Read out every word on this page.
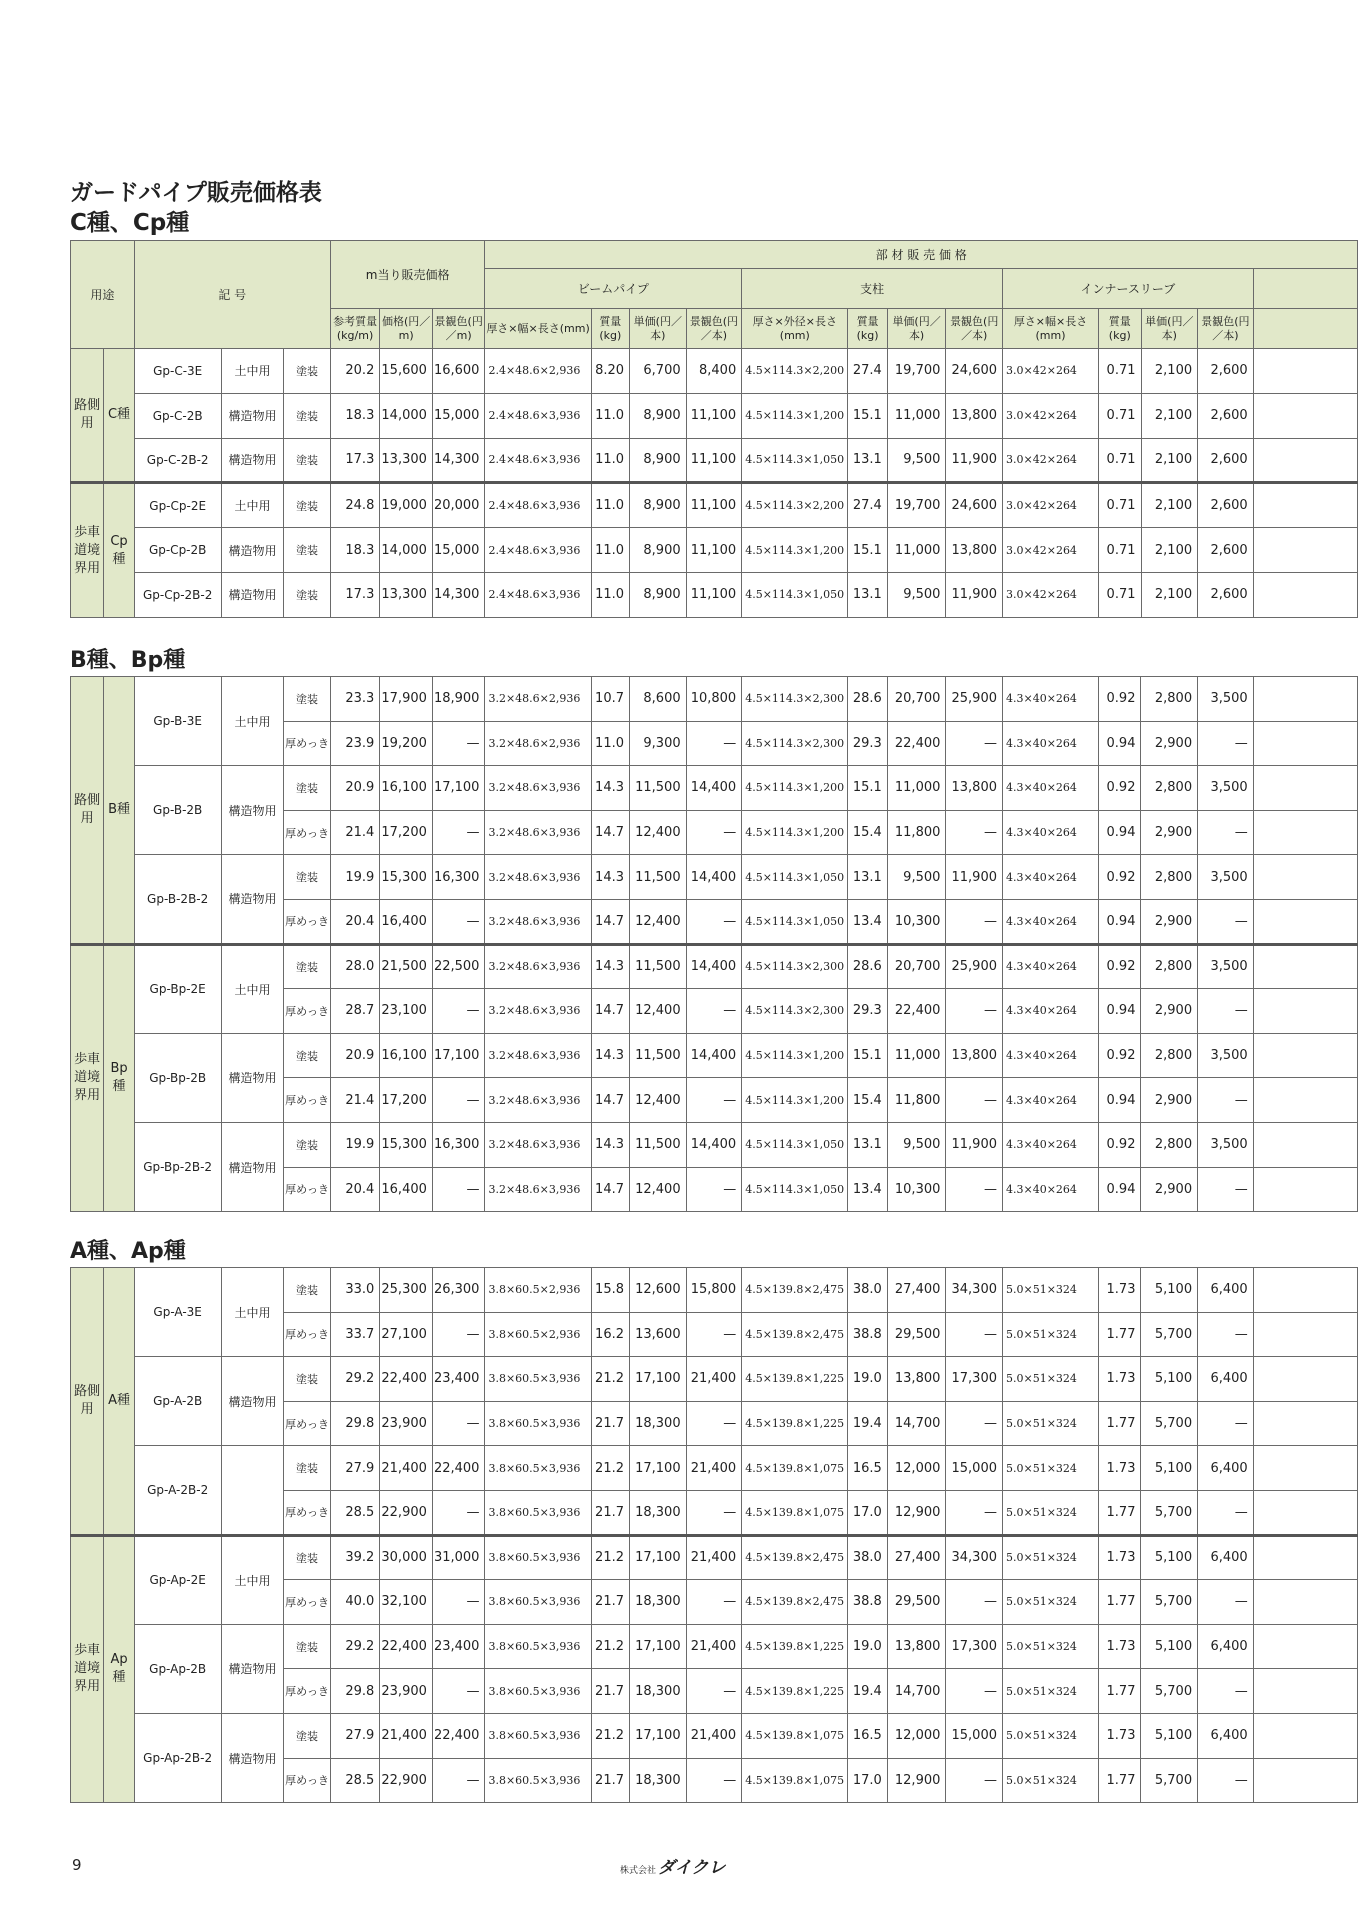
ガードパイプ販売価格表
C種、Cp種
用途		記 号			m当り販売価格			部 材 販 売 価 格												
								ビームパイプ				支柱				インナースリーブ				
					参考質量(kg/m)	価格(円／m)	景観色(円／m)	厚さ×幅×長さ(mm)	質量(kg)	単価(円／本)	景観色(円／本)	厚さ×外径×長さ(mm)	質量(kg)	単価(円／本)	景観色(円／本)	厚さ×幅×長さ(mm)	質量(kg)	単価(円／本)	景観色(円／本)	
路側用	C種	Gp-C-3E	土中用	塗装	20.2	15,600	16,600	2.4×48.6×2,936	8.20	6,700	8,400	4.5×114.3×2,200	27.4	19,700	24,600	3.0×42×264	0.71	2,100	2,600	
		Gp-C-2B	構造物用	塗装	18.3	14,000	15,000	2.4×48.6×3,936	11.0	8,900	11,100	4.5×114.3×1,200	15.1	11,000	13,800	3.0×42×264	0.71	2,100	2,600	
		Gp-C-2B-2	構造物用	塗装	17.3	13,300	14,300	2.4×48.6×3,936	11.0	8,900	11,100	4.5×114.3×1,050	13.1	9,500	11,900	3.0×42×264	0.71	2,100	2,600	
歩車道境界用	Cp種	Gp-Cp-2E	土中用	塗装	24.8	19,000	20,000	2.4×48.6×3,936	11.0	8,900	11,100	4.5×114.3×2,200	27.4	19,700	24,600	3.0×42×264	0.71	2,100	2,600	
		Gp-Cp-2B	構造物用	塗装	18.3	14,000	15,000	2.4×48.6×3,936	11.0	8,900	11,100	4.5×114.3×1,200	15.1	11,000	13,800	3.0×42×264	0.71	2,100	2,600	
		Gp-Cp-2B-2	構造物用	塗装	17.3	13,300	14,300	2.4×48.6×3,936	11.0	8,900	11,100	4.5×114.3×1,050	13.1	9,500	11,900	3.0×42×264	0.71	2,100	2,600	
B種、Bp種
路側用	B種	Gp-B-3E	土中用	塗装	23.3	17,900	18,900	3.2×48.6×2,936	10.7	8,600	10,800	4.5×114.3×2,300	28.6	20,700	25,900	4.3×40×264	0.92	2,800	3,500	
				厚めっき	23.9	19,200	—	3.2×48.6×2,936	11.0	9,300	—	4.5×114.3×2,300	29.3	22,400	—	4.3×40×264	0.94	2,900	—	
		Gp-B-2B	構造物用	塗装	20.9	16,100	17,100	3.2×48.6×3,936	14.3	11,500	14,400	4.5×114.3×1,200	15.1	11,000	13,800	4.3×40×264	0.92	2,800	3,500	
				厚めっき	21.4	17,200	—	3.2×48.6×3,936	14.7	12,400	—	4.5×114.3×1,200	15.4	11,800	—	4.3×40×264	0.94	2,900	—	
		Gp-B-2B-2	構造物用	塗装	19.9	15,300	16,300	3.2×48.6×3,936	14.3	11,500	14,400	4.5×114.3×1,050	13.1	9,500	11,900	4.3×40×264	0.92	2,800	3,500	
				厚めっき	20.4	16,400	—	3.2×48.6×3,936	14.7	12,400	—	4.5×114.3×1,050	13.4	10,300	—	4.3×40×264	0.94	2,900	—	
歩車道境界用	Bp種	Gp-Bp-2E	土中用	塗装	28.0	21,500	22,500	3.2×48.6×3,936	14.3	11,500	14,400	4.5×114.3×2,300	28.6	20,700	25,900	4.3×40×264	0.92	2,800	3,500	
				厚めっき	28.7	23,100	—	3.2×48.6×3,936	14.7	12,400	—	4.5×114.3×2,300	29.3	22,400	—	4.3×40×264	0.94	2,900	—	
		Gp-Bp-2B	構造物用	塗装	20.9	16,100	17,100	3.2×48.6×3,936	14.3	11,500	14,400	4.5×114.3×1,200	15.1	11,000	13,800	4.3×40×264	0.92	2,800	3,500	
				厚めっき	21.4	17,200	—	3.2×48.6×3,936	14.7	12,400	—	4.5×114.3×1,200	15.4	11,800	—	4.3×40×264	0.94	2,900	—	
		Gp-Bp-2B-2	構造物用	塗装	19.9	15,300	16,300	3.2×48.6×3,936	14.3	11,500	14,400	4.5×114.3×1,050	13.1	9,500	11,900	4.3×40×264	0.92	2,800	3,500	
				厚めっき	20.4	16,400	—	3.2×48.6×3,936	14.7	12,400	—	4.5×114.3×1,050	13.4	10,300	—	4.3×40×264	0.94	2,900	—	
A種、Ap種
路側用	A種	Gp-A-3E	土中用	塗装	33.0	25,300	26,300	3.8×60.5×2,936	15.8	12,600	15,800	4.5×139.8×2,475	38.0	27,400	34,300	5.0×51×324	1.73	5,100	6,400	
				厚めっき	33.7	27,100	—	3.8×60.5×2,936	16.2	13,600	—	4.5×139.8×2,475	38.8	29,500	—	5.0×51×324	1.77	5,700	—	
		Gp-A-2B	構造物用	塗装	29.2	22,400	23,400	3.8×60.5×3,936	21.2	17,100	21,400	4.5×139.8×1,225	19.0	13,800	17,300	5.0×51×324	1.73	5,100	6,400	
				厚めっき	29.8	23,900	—	3.8×60.5×3,936	21.7	18,300	—	4.5×139.8×1,225	19.4	14,700	—	5.0×51×324	1.77	5,700	—	
		Gp-A-2B-2		塗装	27.9	21,400	22,400	3.8×60.5×3,936	21.2	17,100	21,400	4.5×139.8×1,075	16.5	12,000	15,000	5.0×51×324	1.73	5,100	6,400	
				厚めっき	28.5	22,900	—	3.8×60.5×3,936	21.7	18,300	—	4.5×139.8×1,075	17.0	12,900	—	5.0×51×324	1.77	5,700	—	
歩車道境界用	Ap種	Gp-Ap-2E	土中用	塗装	39.2	30,000	31,000	3.8×60.5×3,936	21.2	17,100	21,400	4.5×139.8×2,475	38.0	27,400	34,300	5.0×51×324	1.73	5,100	6,400	
				厚めっき	40.0	32,100	—	3.8×60.5×3,936	21.7	18,300	—	4.5×139.8×2,475	38.8	29,500	—	5.0×51×324	1.77	5,700	—	
		Gp-Ap-2B	構造物用	塗装	29.2	22,400	23,400	3.8×60.5×3,936	21.2	17,100	21,400	4.5×139.8×1,225	19.0	13,800	17,300	5.0×51×324	1.73	5,100	6,400	
				厚めっき	29.8	23,900	—	3.8×60.5×3,936	21.7	18,300	—	4.5×139.8×1,225	19.4	14,700	—	5.0×51×324	1.77	5,700	—	
		Gp-Ap-2B-2	構造物用	塗装	27.9	21,400	22,400	3.8×60.5×3,936	21.2	17,100	21,400	4.5×139.8×1,075	16.5	12,000	15,000	5.0×51×324	1.73	5,100	6,400	
				厚めっき	28.5	22,900	—	3.8×60.5×3,936	21.7	18,300	—	4.5×139.8×1,075	17.0	12,900	—	5.0×51×324	1.77	5,700	—	
9	株式会社 ダイクレ
